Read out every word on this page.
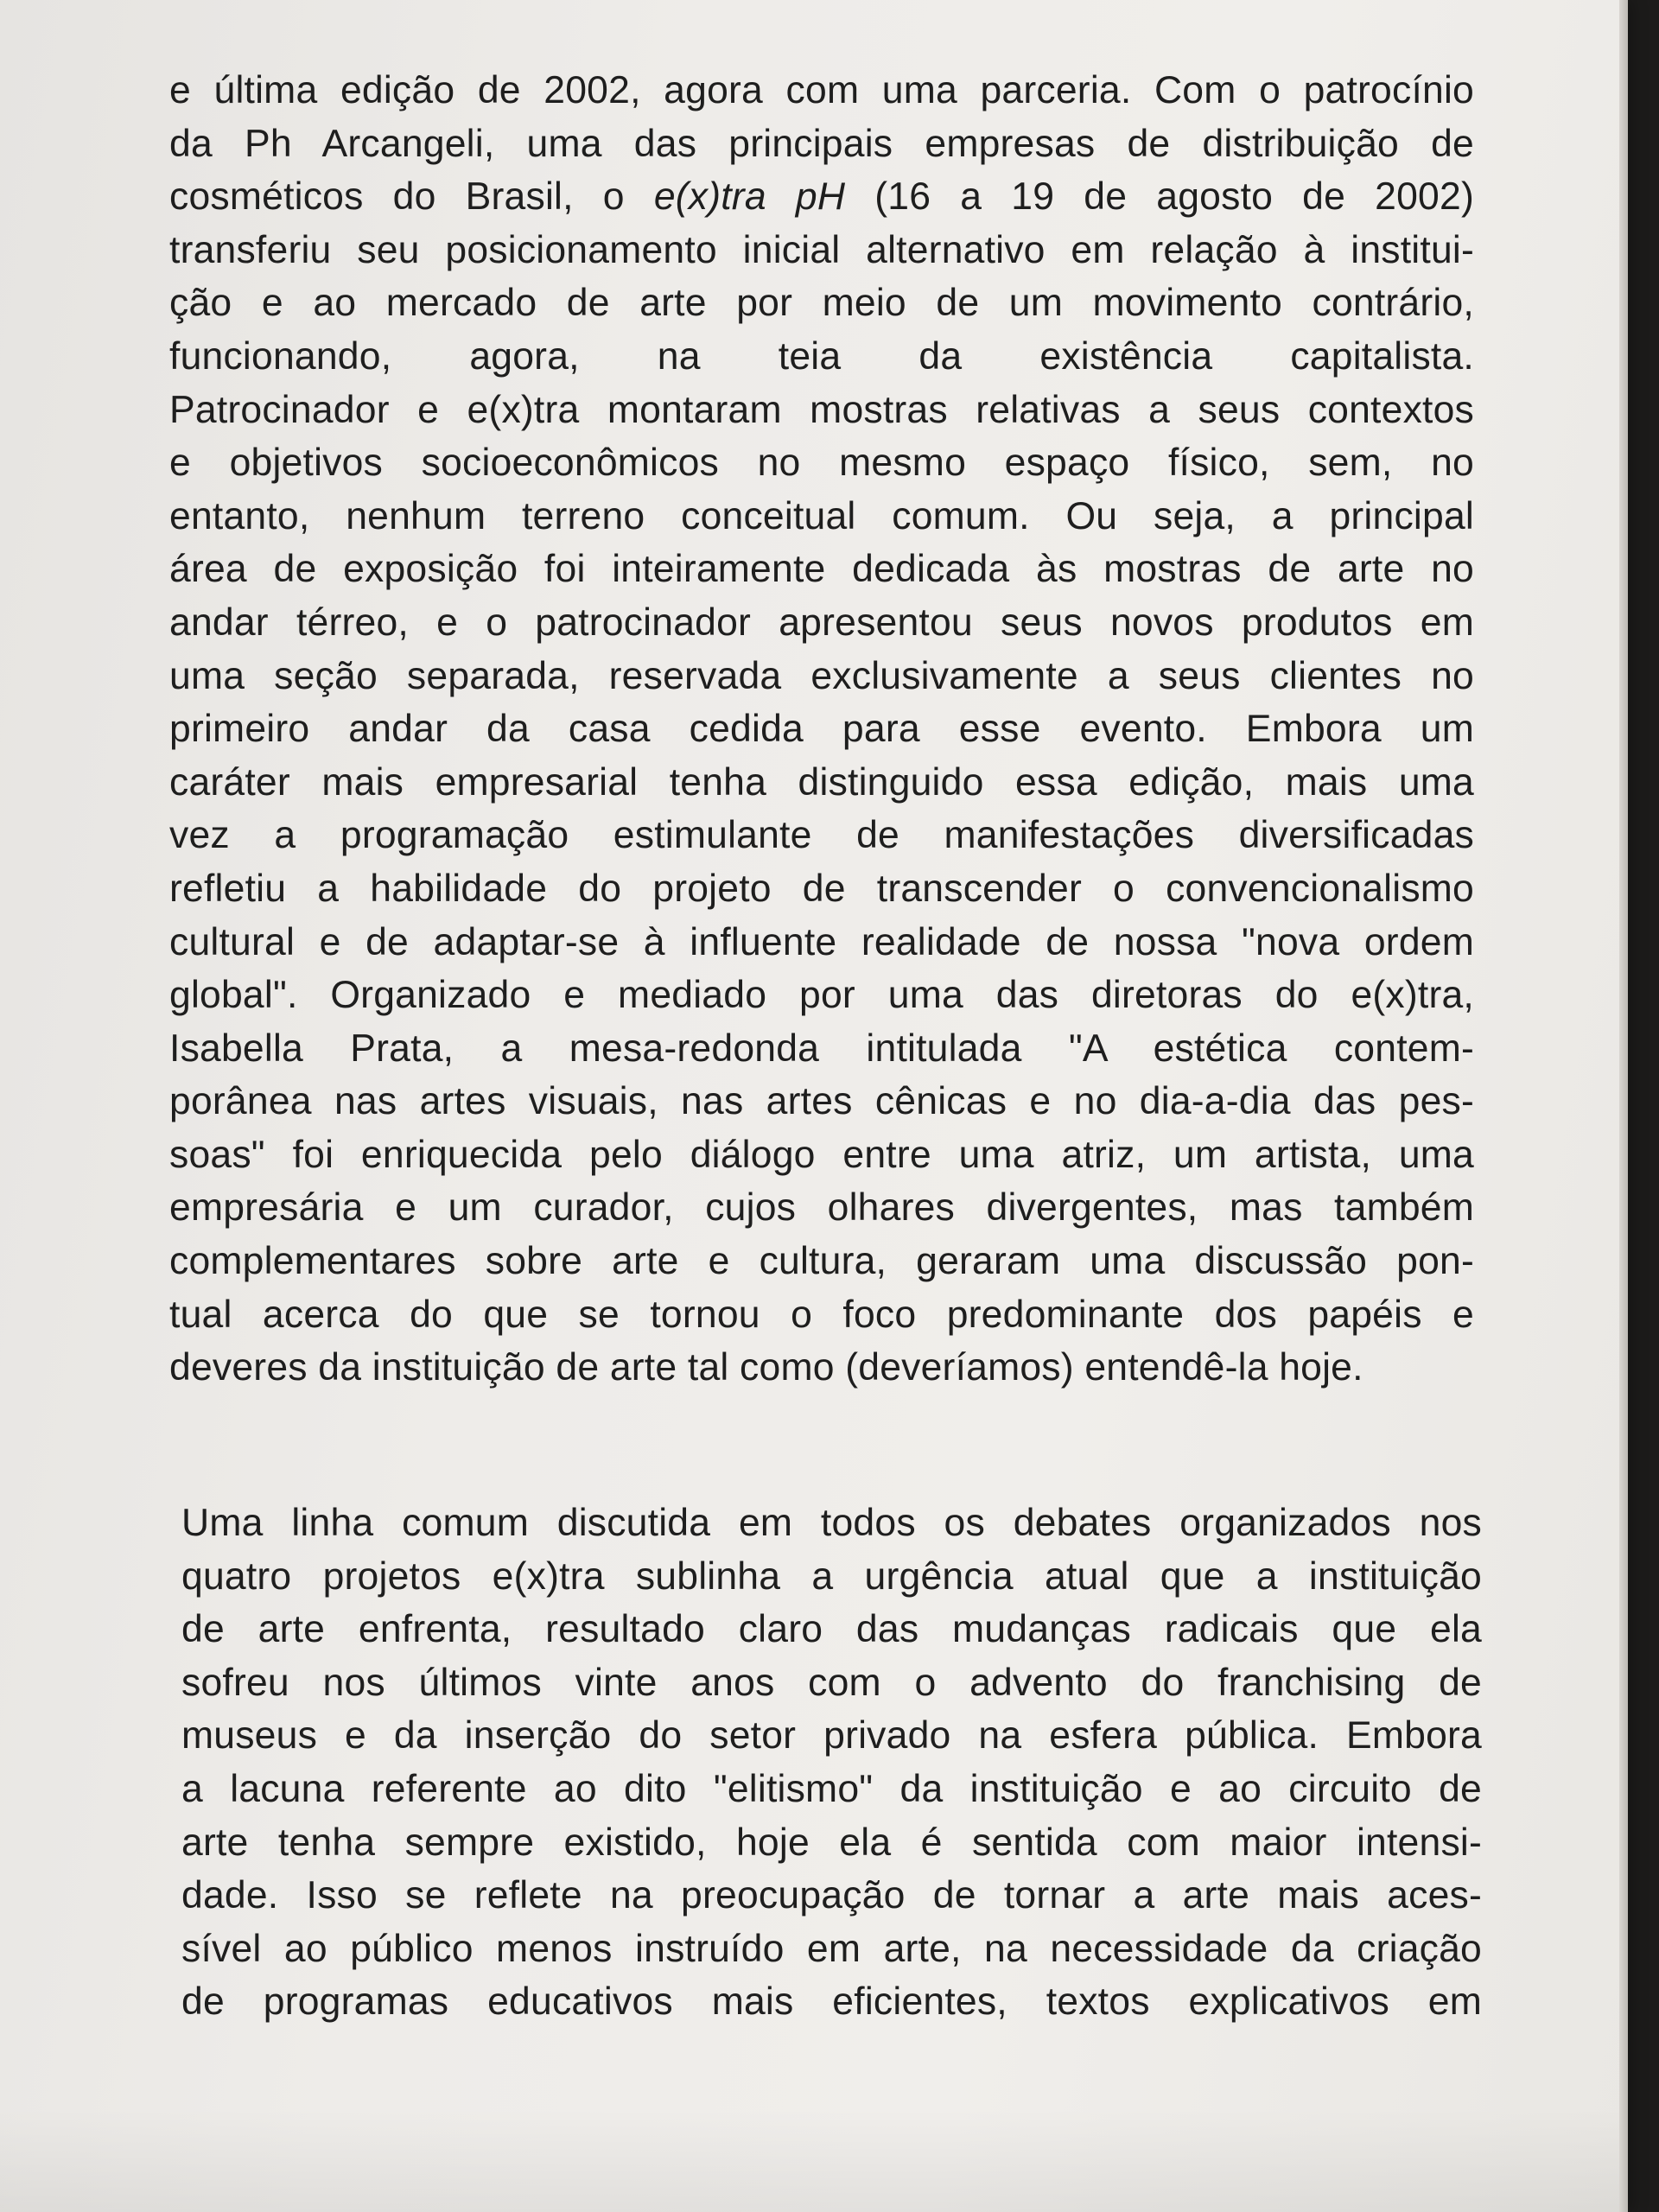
e última edição de 2002, agora com uma parceria. Com o patrocínio
da Ph Arcangeli, uma das principais empresas de distribuição de
cosméticos do Brasil, o e(x)tra pH (16 a 19 de agosto de 2002)
transferiu seu posicionamento inicial alternativo em relação à institui-
ção e ao mercado de arte por meio de um movimento contrário,
funcionando, agora, na teia da existência capitalista.
Patrocinador e e(x)tra montaram mostras relativas a seus contextos
e objetivos socioeconômicos no mesmo espaço físico, sem, no
entanto, nenhum terreno conceitual comum. Ou seja, a principal
área de exposição foi inteiramente dedicada às mostras de arte no
andar térreo, e o patrocinador apresentou seus novos produtos em
uma seção separada, reservada exclusivamente a seus clientes no
primeiro andar da casa cedida para esse evento. Embora um
caráter mais empresarial tenha distinguido essa edição, mais uma
vez a programação estimulante de manifestações diversificadas
refletiu a habilidade do projeto de transcender o convencionalismo
cultural e de adaptar-se à influente realidade de nossa "nova ordem
global". Organizado e mediado por uma das diretoras do e(x)tra,
Isabella Prata, a mesa-redonda intitulada "A estética contem-
porânea nas artes visuais, nas artes cênicas e no dia-a-dia das pes-
soas" foi enriquecida pelo diálogo entre uma atriz, um artista, uma
empresária e um curador, cujos olhares divergentes, mas também
complementares sobre arte e cultura, geraram uma discussão pon-
tual acerca do que se tornou o foco predominante dos papéis e
deveres da instituição de arte tal como (deveríamos) entendê-la hoje.
Uma linha comum discutida em todos os debates organizados nos
quatro projetos e(x)tra sublinha a urgência atual que a instituição
de arte enfrenta, resultado claro das mudanças radicais que ela
sofreu nos últimos vinte anos com o advento do franchising de
museus e da inserção do setor privado na esfera pública. Embora
a lacuna referente ao dito "elitismo" da instituição e ao circuito de
arte tenha sempre existido, hoje ela é sentida com maior intensi-
dade. Isso se reflete na preocupação de tornar a arte mais aces-
sível ao público menos instruído em arte, na necessidade da criação
de programas educativos mais eficientes, textos explicativos em
